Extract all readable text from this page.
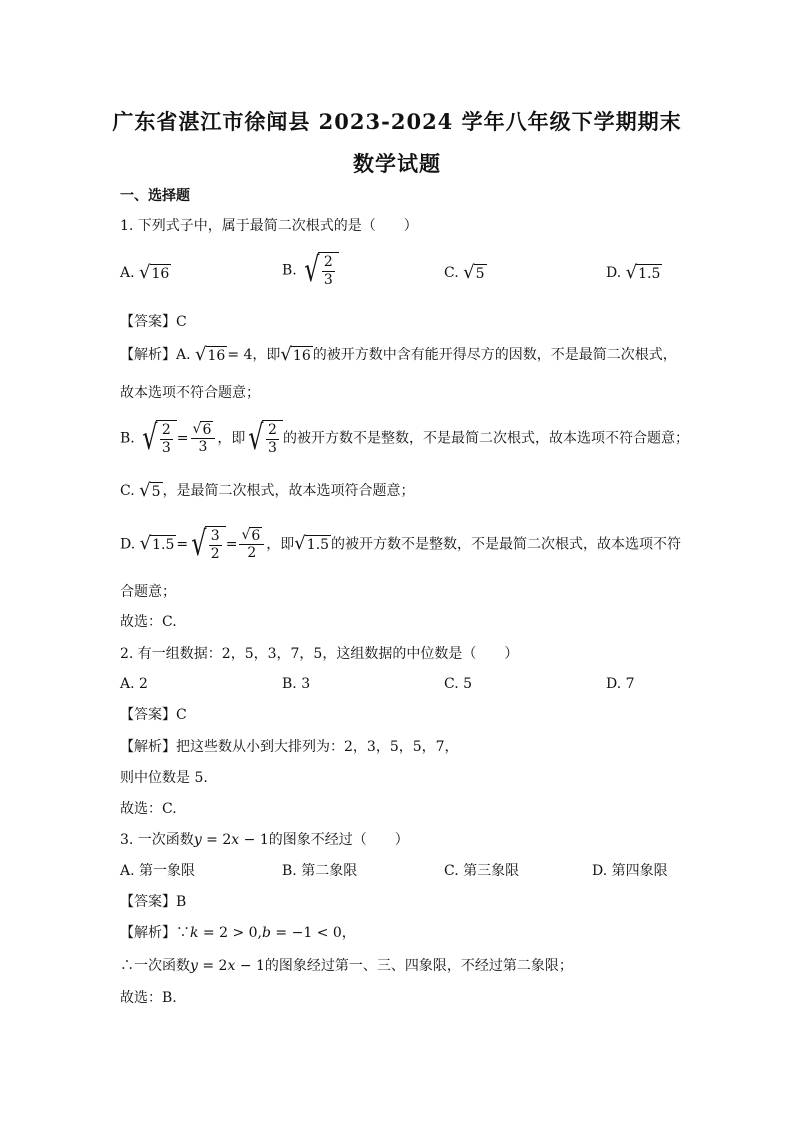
广东省湛江市徐闻县 2023-2024 学年八年级下学期期末
数学试题
一、选择题
1. 下列式子中，属于最简二次根式的是（　　）
A. √ 16	B. √ $\frac{2}{3}$	C. √ 5	D. √ 1.5
【答案】C
【解析】A. √ 16 = 4，即 √ 16 的被开方数中含有能开得尽方的因数，不是最简二次根式，
故本选项不符合题意；
B. √ $\frac{2}{3} = \frac{√ 6}{3}$ ，即 √ $\frac{2}{3}$ 的被开方数不是整数，不是最简二次根式，故本选项不符合题意；
C. √ 5 ，是最简二次根式，故本选项符合题意；
D. √ 1.5 = √ $\frac{3}{2} = \frac{√ 6}{2}$ ，即 √ 1.5 的被开方数不是整数，不是最简二次根式，故本选项不符
合题意；
故选：C.
2. 有一组数据：2，5，3，7，5，这组数据的中位数是（　　）
A. 2	B. 3	C. 5	D. 7
【答案】C
【解析】把这些数从小到大排列为：2，3，5，5，7，
则中位数是 5.
故选：C.
3. 一次函数y = 2x − 1的图象不经过（　　）
A. 第一象限	B. 第二象限	C. 第三象限	D. 第四象限
【答案】B
【解析】∵k = 2 > 0,b = −1 < 0，
∴一次函数y = 2x − 1的图象经过第一、三、四象限，不经过第二象限；
故选：B.
